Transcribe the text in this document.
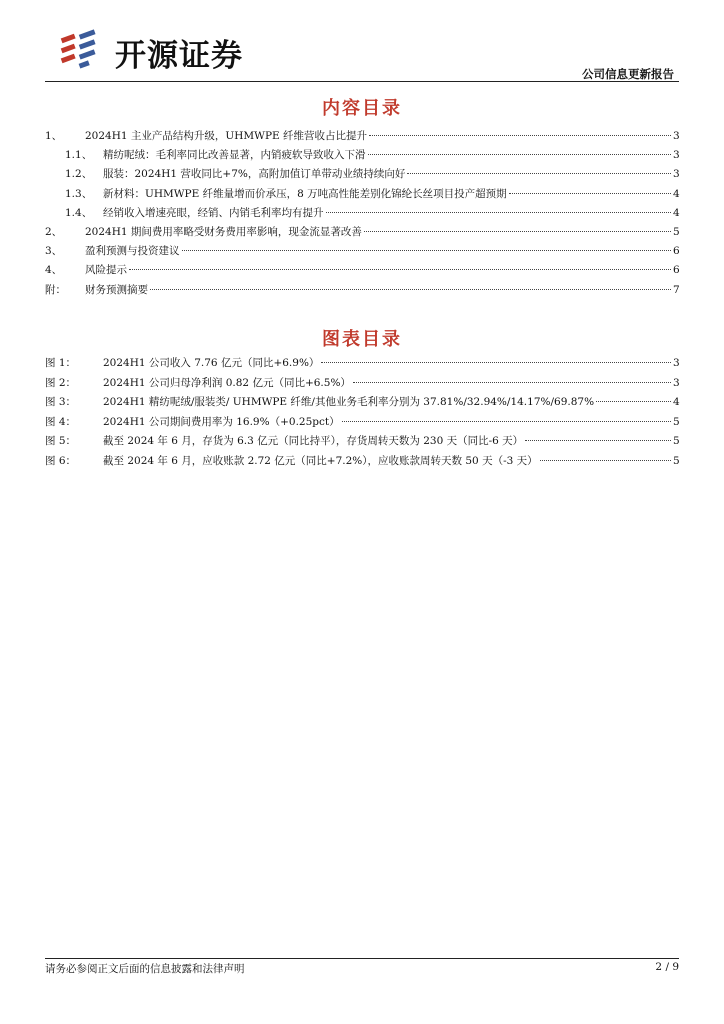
开源证券	公司信息更新报告
内容目录
1、	2024H1 主业产品结构升级，UHMWPE 纤维营收占比提升	3
1.1、	精纺呢绒：毛利率同比改善显著，内销疲软导致收入下滑	3
1.2、	服装：2024H1 营收同比+7%，高附加值订单带动业绩持续向好	3
1.3、	新材料：UHMWPE 纤维量增而价承压，8 万吨高性能差别化锦纶长丝项目投产超预期	4
1.4、	经销收入增速亮眼，经销、内销毛利率均有提升	4
2、	2024H1 期间费用率略受财务费用率影响，现金流显著改善	5
3、	盈利预测与投资建议	6
4、	风险提示	6
附：	财务预测摘要	7
图表目录
图 1：	2024H1 公司收入 7.76 亿元（同比+6.9%）	3
图 2：	2024H1 公司归母净利润 0.82 亿元（同比+6.5%）	3
图 3：	2024H1 精纺呢绒/服装类/ UHMWPE 纤维/其他业务毛利率分别为 37.81%/32.94%/14.17%/69.87%	4
图 4：	2024H1 公司期间费用率为 16.9%（+0.25pct）	5
图 5：	截至 2024 年 6 月，存货为 6.3 亿元（同比持平），存货周转天数为 230 天（同比-6 天）	5
图 6：	截至 2024 年 6 月，应收账款 2.72 亿元（同比+7.2%），应收账款周转天数 50 天（-3 天）	5
请务必参阅正文后面的信息披露和法律声明	2 / 9
